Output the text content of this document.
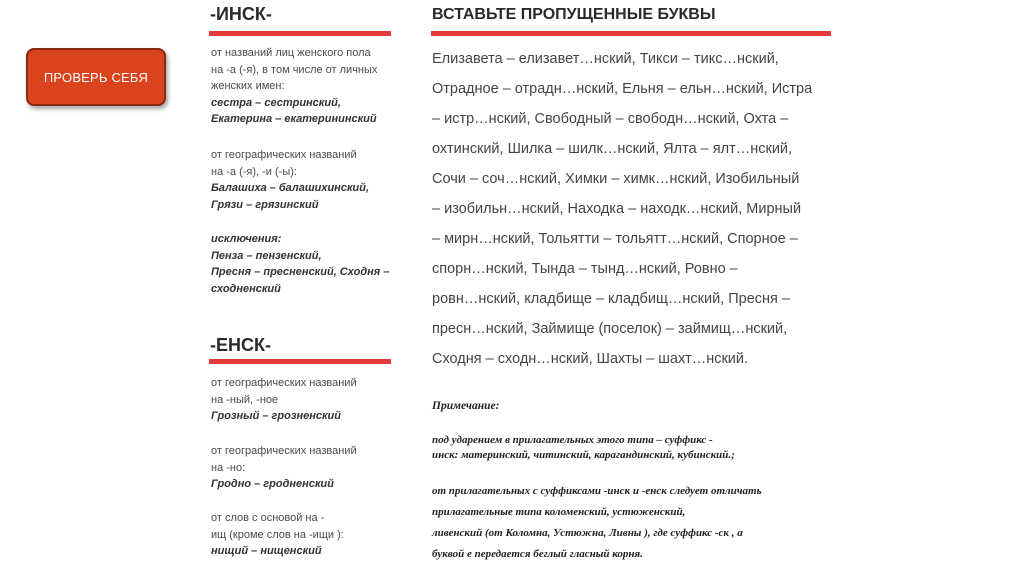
ПРОВЕРЬ СЕБЯ
-ИНСК-

от названий лиц женского пола

на -а (-я), в том числе от личных

женских имен:

сестра – сестринский,

Екатерина – екатерининский

от географических названий

на -а (-я), -и (-ы):

Балашиха – балашихинский,

Грязи – грязинский

исключения:

Пенза – пензенский,

Пресня – пресненский, Сходня –

сходненский

-ЕНСК-

от географических названий

на -ный, -ное

Грозный – грозненский

от географических названий

на -но:

Гродно – гродненский

от слов с основой на -

ищ (кроме слов на -ищи ):

нищий – нищенский

ВСТАВЬТЕ ПРОПУЩЕННЫЕ БУКВЫ

Елизавета – елизавет…нский, Тикси – тикс…нский,

Отрадное – отрадн…нский, Ельня – ельн…нский, Истра

– истр…нский, Свободный – свободн…нский, Охта –

охтинский, Шилка – шилк…нский, Ялта – ялт…нский,

Сочи – соч…нский, Химки – химк…нский, Изобильный

– изобильн…нский, Находка – находк…нский, Мирный

– мирн…нский, Тольятти – тольятт…нский, Спорное –

спорн…нский, Тында – тынд…нский, Ровно –

ровн…нский, кладбище – кладбищ…нский, Пресня –

пресн…нский, Займище (поселок) – займищ…нский,

Сходня – сходн…нский, Шахты – шахт…нский.

Примечание:

под ударением в прилагательных этого типа – суффикс -

инск: материнский, читинский, карагандинский, кубинский.;

от прилагательных с суффиксами -инск и -енск следует отличать

прилагательные типа коломенский, устюженский,

ливенский (от Коломна, Устюжна, Ливны ), где суффикс -ск , а

буквой е передается беглый гласный корня.
